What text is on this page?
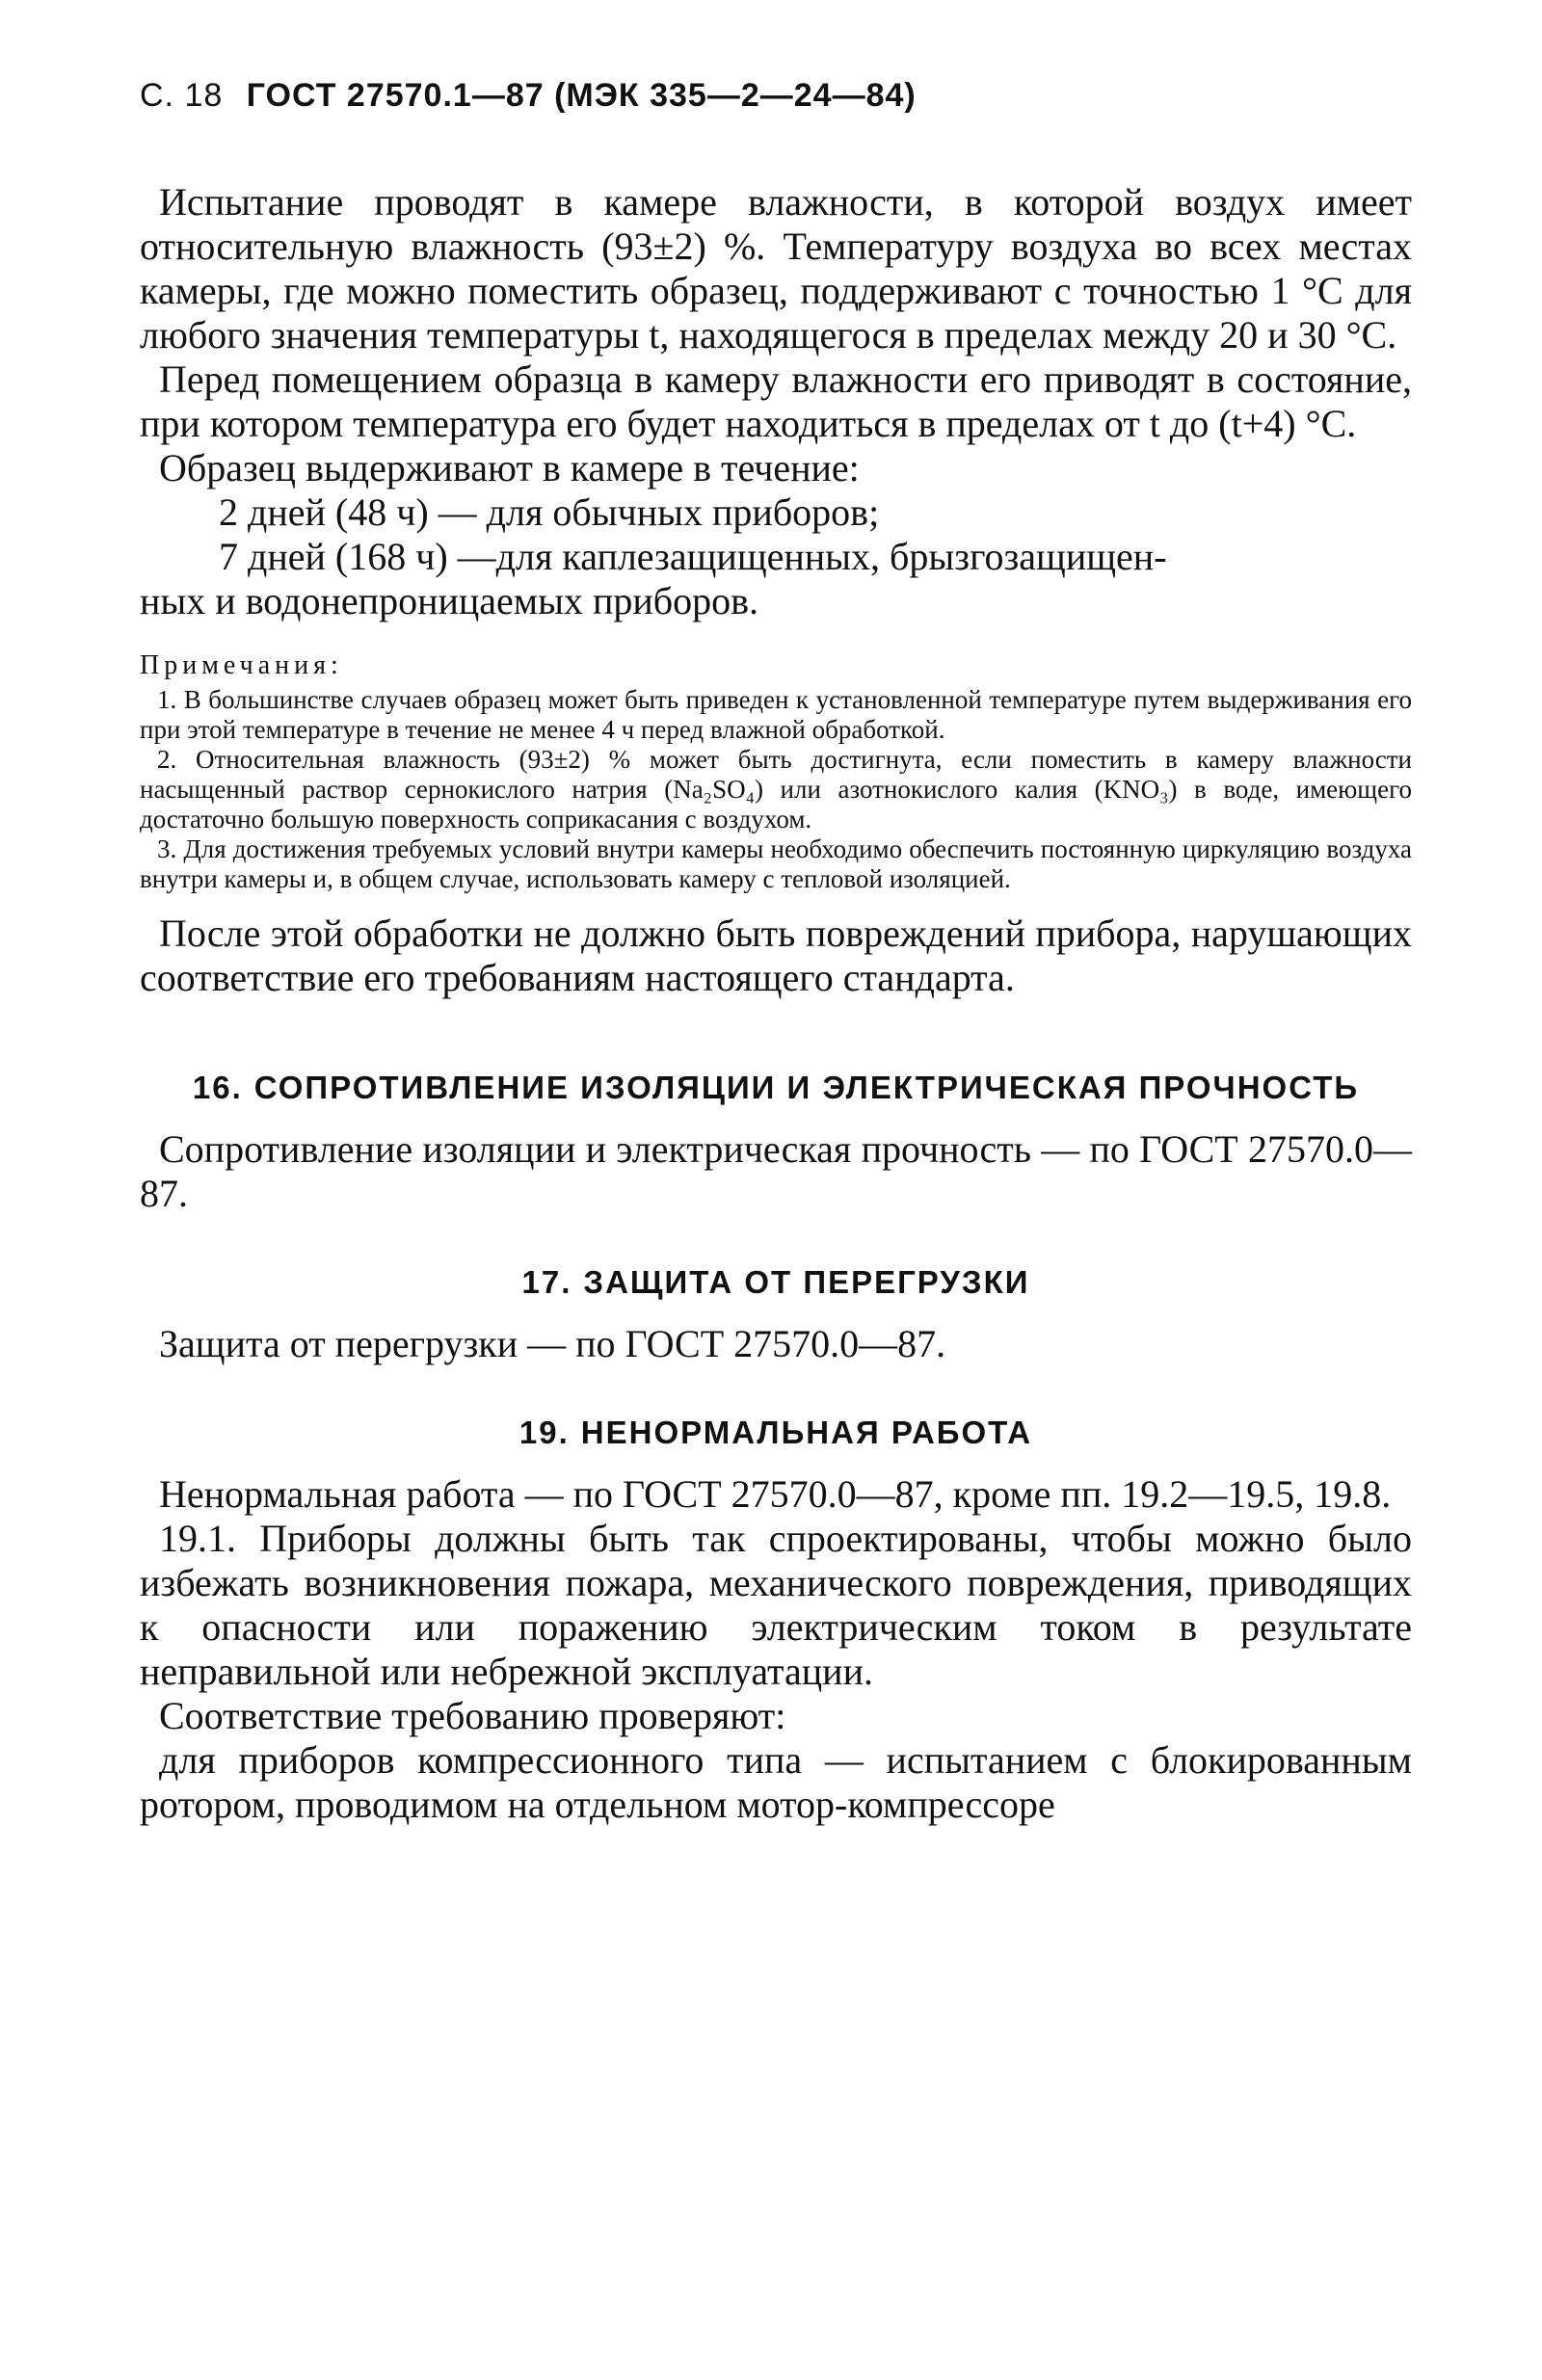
С. 18 ГОСТ 27570.1—87 (МЭК 335—2—24—84)

Испытание проводят в камере влажности, в которой воздух имеет относительную влажность (93±2) %. Температуру воздуха во всех местах камеры, где можно поместить образец, поддерживают с точностью 1 °С для любого значения температуры t, находящегося в пределах между 20 и 30 °С.

Перед помещением образца в камеру влажности его приводят в состояние, при котором температура его будет находиться в пределах от t до (t+4) °С.

Образец выдерживают в камере в течение:

2 дней (48 ч) — для обычных приборов;

7 дней (168 ч) —для каплезащищенных, брызгозащищен-

ных и водонепроницаемых приборов.

Примечания:

1. В большинстве случаев образец может быть приведен к установленной температуре путем выдерживания его при этой температуре в течение не менее 4 ч перед влажной обработкой.

2. Относительная влажность (93±2) % может быть достигнута, если поместить в камеру влажности насыщенный раствор сернокислого натрия (Na₂SO₄) или азотнокислого калия (KNO₃) в воде, имеющего достаточно большую поверхность соприкасания с воздухом.

3. Для достижения требуемых условий внутри камеры необходимо обеспечить постоянную циркуляцию воздуха внутри камеры и, в общем случае, использовать камеру с тепловой изоляцией.

После этой обработки не должно быть повреждений прибора, нарушающих соответствие его требованиям настоящего стандарта.

16. СОПРОТИВЛЕНИЕ ИЗОЛЯЦИИ И ЭЛЕКТРИЧЕСКАЯ ПРОЧНОСТЬ

Сопротивление изоляции и электрическая прочность — по ГОСТ 27570.0—87.

17. ЗАЩИТА ОТ ПЕРЕГРУЗКИ

Защита от перегрузки — по ГОСТ 27570.0—87.

19. НЕНОРМАЛЬНАЯ РАБОТА

Ненормальная работа — по ГОСТ 27570.0—87, кроме пп. 19.2—19.5, 19.8.

19.1. Приборы должны быть так спроектированы, чтобы можно было избежать возникновения пожара, механического повреждения, приводящих к опасности или поражению электрическим током в результате неправильной или небрежной эксплуатации.

Соответствие требованию проверяют:

для приборов компрессионного типа — испытанием с блокированным ротором, проводимом на отдельном мотор-компрессоре
